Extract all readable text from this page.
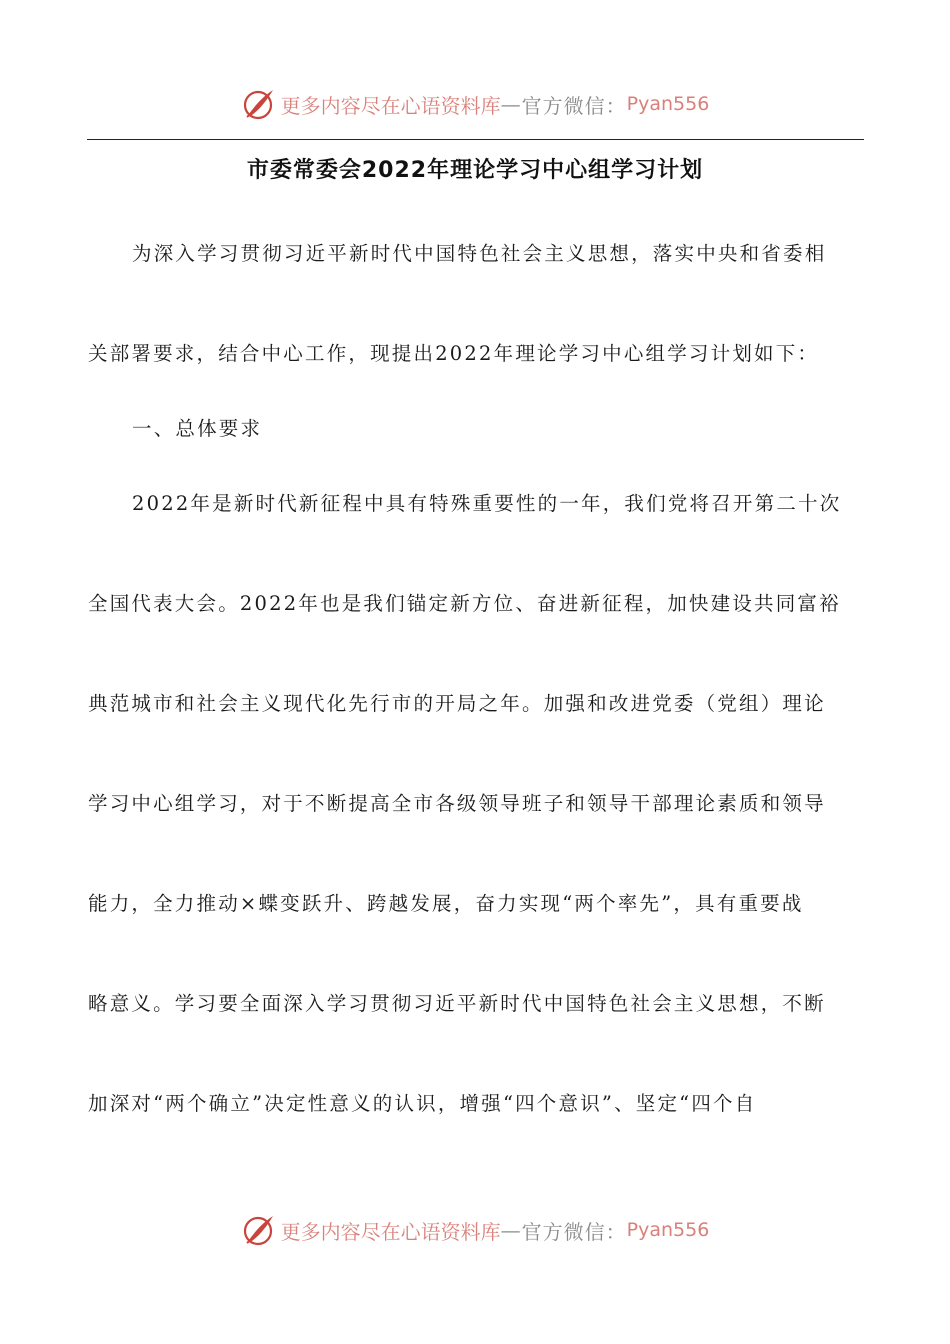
更多内容尽在心语资料库 — 官方微信： Pyan556
市委常委会2022年理论学习中心组学习计划
为深入学习贯彻习近平新时代中国特色社会主义思想，落实中央和省委相
关部署要求，结合中心工作，现提出2022年理论学习中心组学习计划如下：
一、总体要求
2022年是新时代新征程中具有特殊重要性的一年，我们党将召开第二十次
全国代表大会。2022年也是我们锚定新方位、奋进新征程，加快建设共同富裕
典范城市和社会主义现代化先行市的开局之年。加强和改进党委（党组）理论
学习中心组学习，对于不断提高全市各级领导班子和领导干部理论素质和领导
能力，全力推动×蝶变跃升、跨越发展，奋力实现“两个率先”，具有重要战
略意义。学习要全面深入学习贯彻习近平新时代中国特色社会主义思想，不断
加深对“两个确立”决定性意义的认识，增强“四个意识”、坚定“四个自
更多内容尽在心语资料库 — 官方微信： Pyan556
